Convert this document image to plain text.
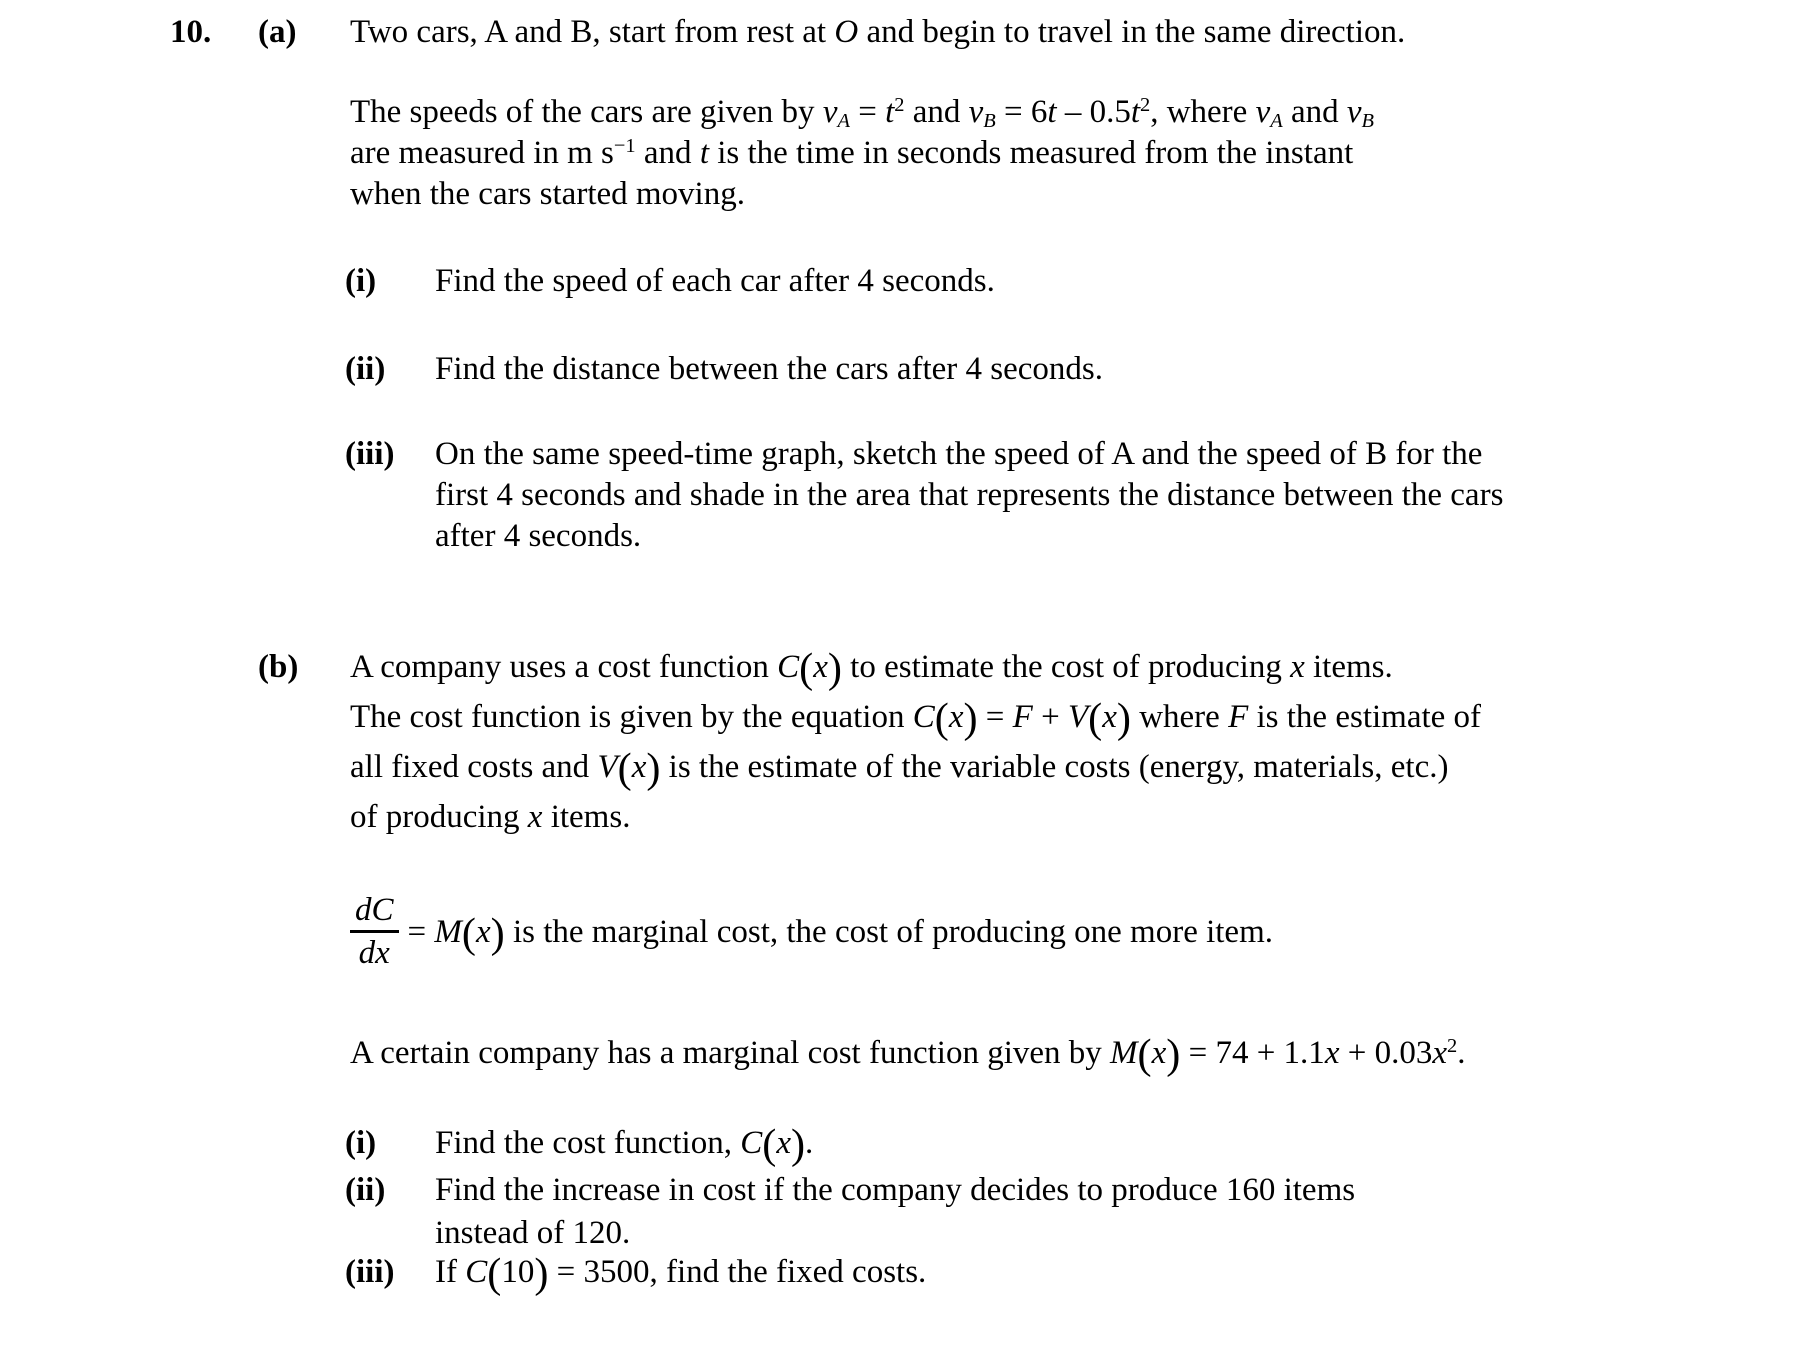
10. (a) Two cars, A and B, start from rest at O and begin to travel in the same direction.
The speeds of the cars are given by vA = $t^2$ and vB = $6t - 0.5t^2$, where vA and vB
are measured in m $s^{-1}$ and t is the time in seconds measured from the instant
when the cars started moving.
(i)	Find the speed of each car after 4 seconds.
(ii)	Find the distance between the cars after 4 seconds.
(iii)	On the same speed-time graph, sketch the speed of A and the speed of B for the
first 4 seconds and shade in the area that represents the distance between the cars
after 4 seconds.
(b) A company uses a cost function C(x) to estimate the cost of producing x items.
The cost function is given by the equation C(x) = F + V(x) where F is the estimate of
all fixed costs and V(x) is the estimate of the variable costs (energy, materials, etc.)
of producing x items.
$\frac{dC}{dx} = M(x)$ is the marginal cost, the cost of producing one more item.
A certain company has a marginal cost function given by $M(x) = 74 + 1.1x + 0.03x^2$.
(i)	Find the cost function, C(x).
(ii)	Find the increase in cost if the company decides to produce 160 items
instead of 120.
(iii)	If C(10) = 3500, find the fixed costs.
